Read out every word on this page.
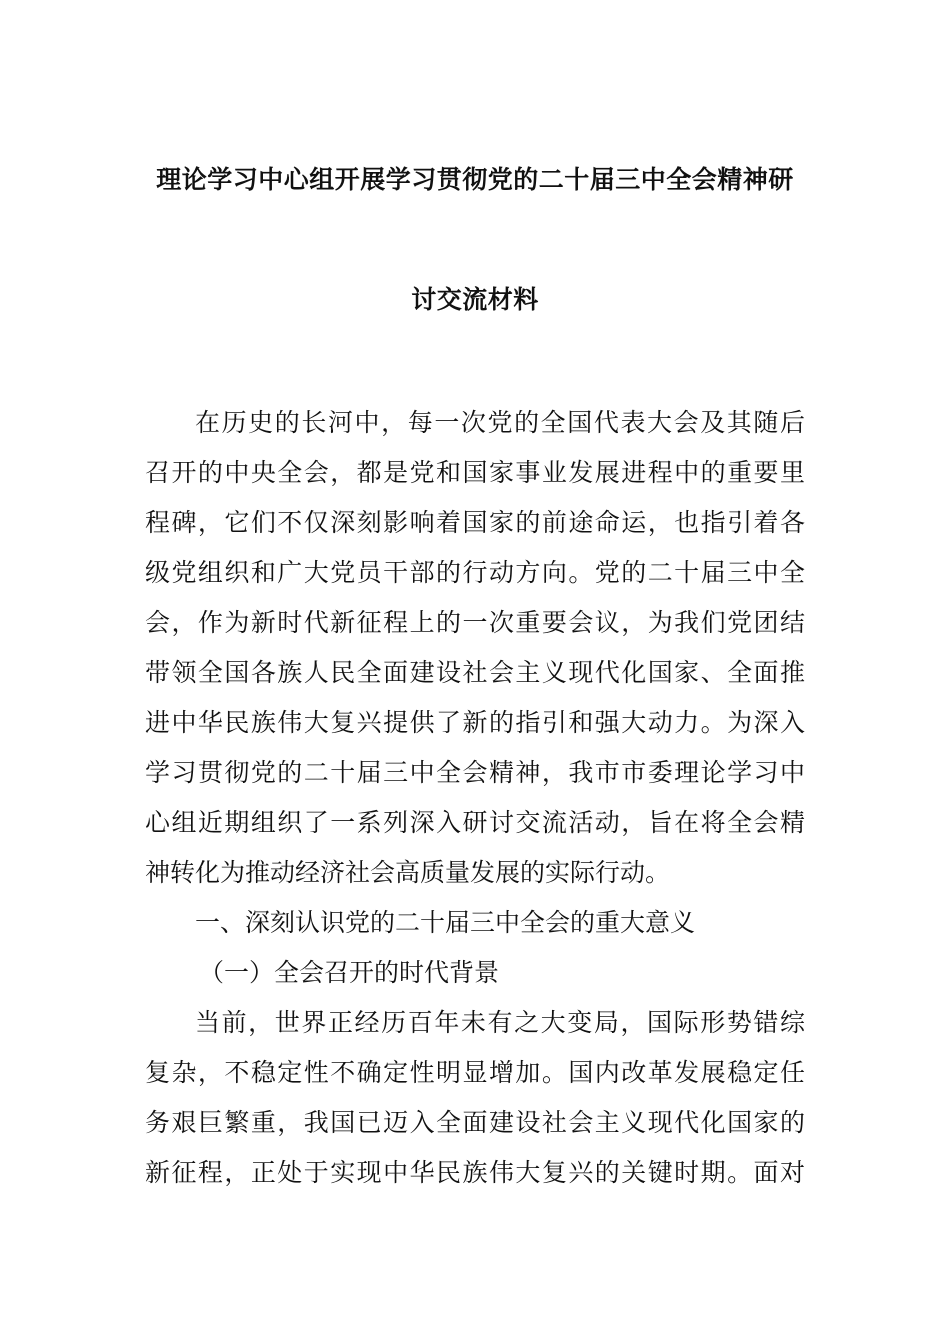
理论学习中心组开展学习贯彻党的二十届三中全会精神研
讨交流材料
在历史的长河中，每一次党的全国代表大会及其随后
召开的中央全会，都是党和国家事业发展进程中的重要里
程碑，它们不仅深刻影响着国家的前途命运，也指引着各
级党组织和广大党员干部的行动方向。党的二十届三中全
会，作为新时代新征程上的一次重要会议，为我们党团结
带领全国各族人民全面建设社会主义现代化国家、全面推
进中华民族伟大复兴提供了新的指引和强大动力。为深入
学习贯彻党的二十届三中全会精神，我市市委理论学习中
心组近期组织了一系列深入研讨交流活动，旨在将全会精
神转化为推动经济社会高质量发展的实际行动。
一、深刻认识党的二十届三中全会的重大意义
（一）全会召开的时代背景
当前，世界正经历百年未有之大变局，国际形势错综
复杂，不稳定性不确定性明显增加。国内改革发展稳定任
务艰巨繁重，我国已迈入全面建设社会主义现代化国家的
新征程，正处于实现中华民族伟大复兴的关键时期。面对
